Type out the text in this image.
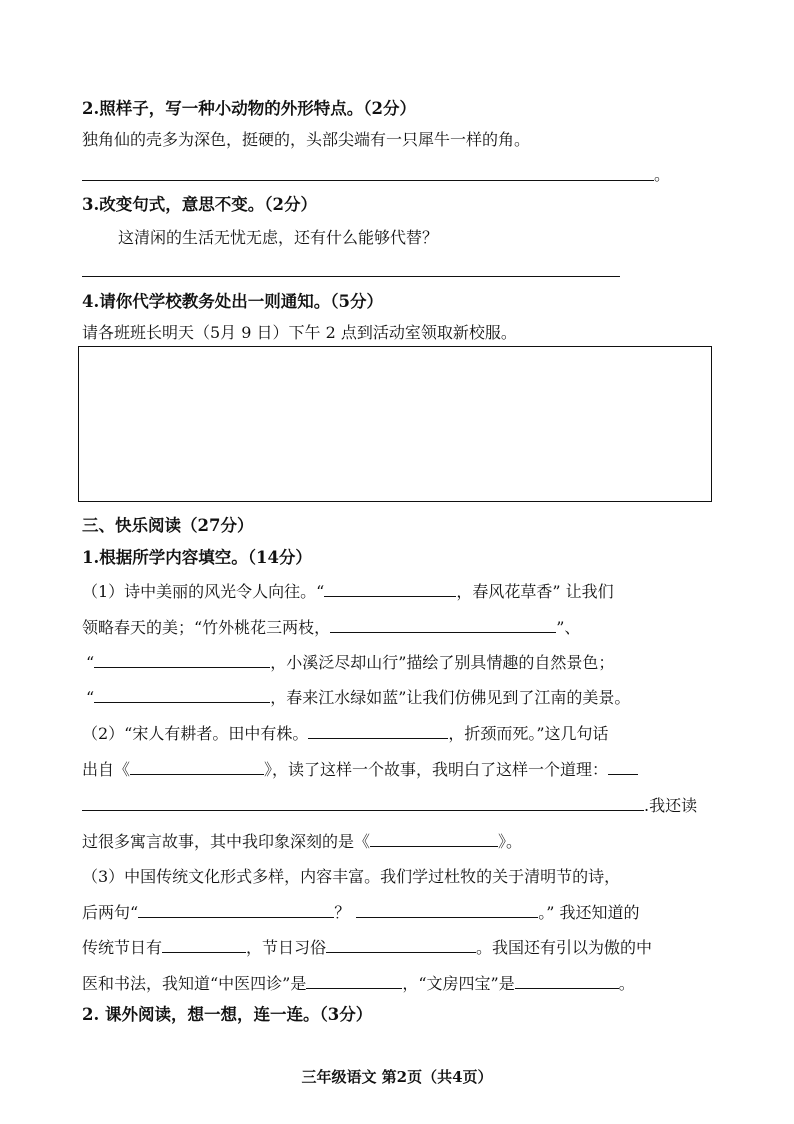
2.照样子，写一种小动物的外形特点。（2分）
独角仙的壳多为深色，挺硬的，头部尖端有一只犀牛一样的角。
。
3.改变句式，意思不变。（2分）
这清闲的生活无忧无虑，还有什么能够代替？
4.请你代学校教务处出一则通知。（5分）
请各班班长明天（5月 9 日）下午 2 点到活动室领取新校服。
三、快乐阅读（27分）
1.根据所学内容填空。（14分）
（1）诗中美丽的风光令人向往。“	，春风花草香” 让我们
领略春天的美；“竹外桃花三两枝，	”、
“	，小溪泛尽却山行”描绘了别具情趣的自然景色；
“	，春来江水绿如蓝”让我们仿佛见到了江南的美景。
（2）“宋人有耕者。田中有株。	，折颈而死。”这几句话
出自《	》，读了这样一个故事，我明白了这样一个道理：
.我还读
过很多寓言故事，其中我印象深刻的是《	》。
（3）中国传统文化形式多样，内容丰富。我们学过杜牧的关于清明节的诗，
后两句“	？	。” 我还知道的
传统节日有	，节日习俗	。我国还有引以为傲的中
医和书法，我知道“中医四诊”是	，“文房四宝”是	。
2. 课外阅读，想一想，连一连。（3分）
三年级语文 第2页（共4页）
